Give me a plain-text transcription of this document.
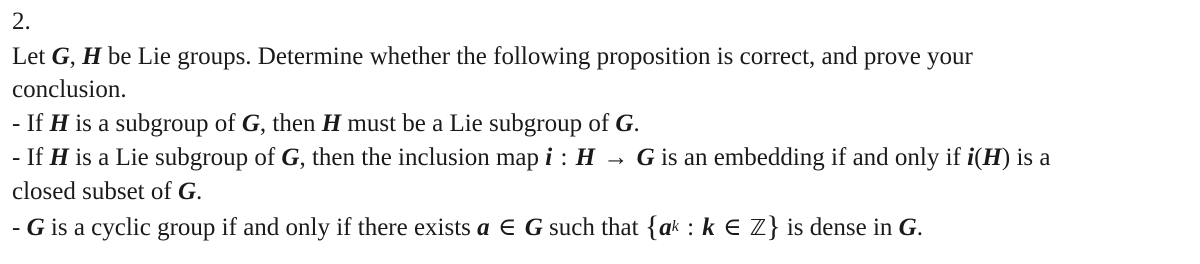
2.
Let G, H be Lie groups. Determine whether the following proposition is correct, and prove your
conclusion.
- If H is a subgroup of G, then H must be a Lie subgroup of G.
- If H is a Lie subgroup of G, then the inclusion map i : H → G is an embedding if and only if i(H) is a
closed subset of G.
- G is a cyclic group if and only if there exists a ∈ G such that {$a^k$ : k ∈ ℤ} is dense in G.
